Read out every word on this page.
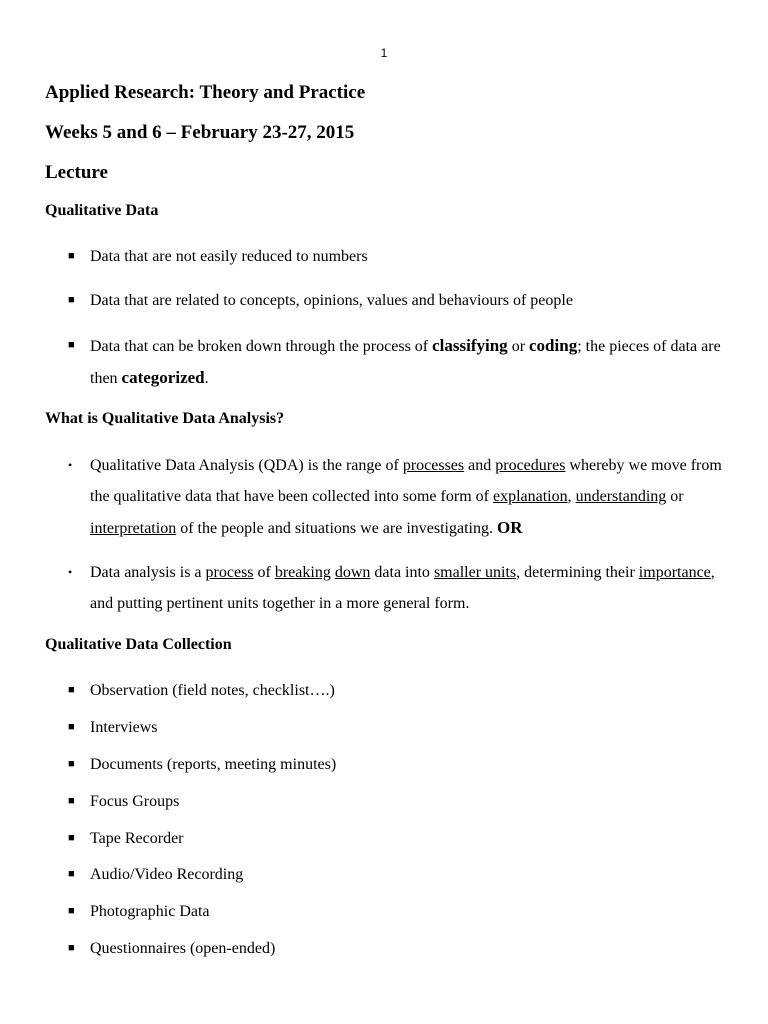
1
Applied Research: Theory and Practice
Weeks 5 and 6 – February 23-27, 2015
Lecture
Qualitative Data
■ Data that are not easily reduced to numbers
■ Data that are related to concepts, opinions, values and behaviours of people
■ Data that can be broken down through the process of classifying or coding; the pieces of data are then categorized.
What is Qualitative Data Analysis?
• Qualitative Data Analysis (QDA) is the range of processes and procedures whereby we move from the qualitative data that have been collected into some form of explanation, understanding or interpretation of the people and situations we are investigating. OR
• Data analysis is a process of breaking down data into smaller units, determining their importance, and putting pertinent units together in a more general form.
Qualitative Data Collection
■ Observation (field notes, checklist….)
■ Interviews
■ Documents (reports, meeting minutes)
■ Focus Groups
■ Tape Recorder
■ Audio/Video Recording
■ Photographic Data
■ Questionnaires (open-ended)
